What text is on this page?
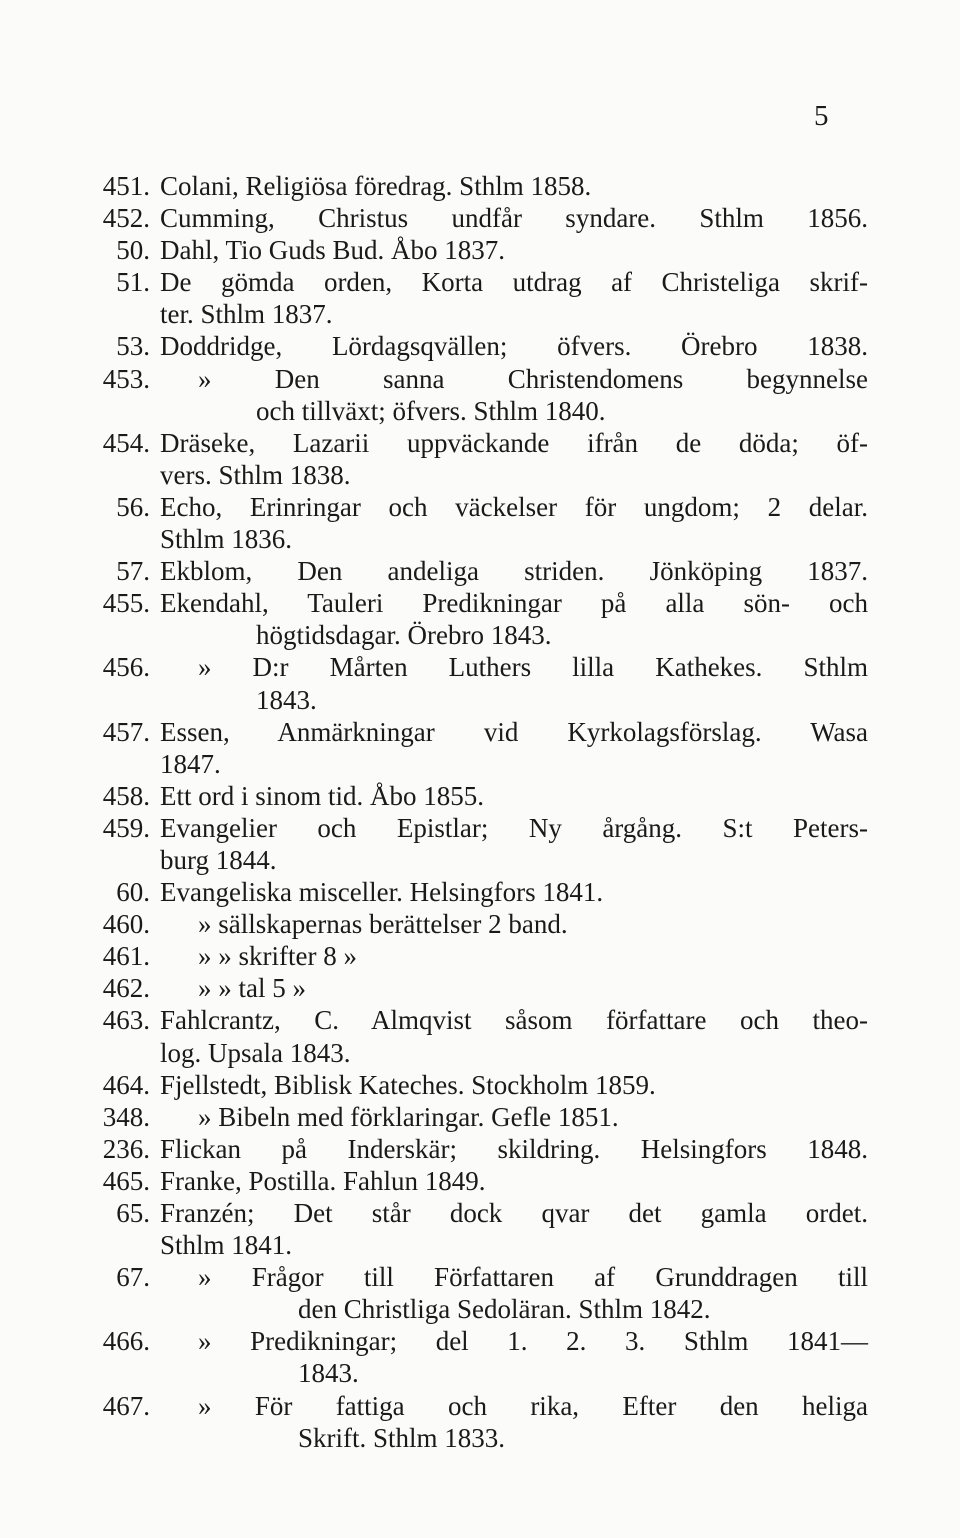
5
451. Colani, Religiösa föredrag. Sthlm 1858.
452. Cumming, Christus undfår syndare. Sthlm 1856.
50. Dahl, Tio Guds Bud. Åbo 1837.
51. De gömda orden, Korta utdrag af Christeliga skrif-
ter. Sthlm 1837.
53. Doddridge, Lördagsqvällen; öfvers. Örebro 1838.
453. » Den sanna Christendomens begynnelse
och tillväxt; öfvers. Sthlm 1840.
454. Dräseke, Lazarii uppväckande ifrån de döda; öf-
vers. Sthlm 1838.
56. Echo, Erinringar och väckelser för ungdom; 2 delar.
Sthlm 1836.
57. Ekblom, Den andeliga striden. Jönköping 1837.
455. Ekendahl, Tauleri Predikningar på alla sön- och
högtidsdagar. Örebro 1843.
456. » D:r Mårten Luthers lilla Kathekes. Sthlm
1843.
457. Essen, Anmärkningar vid Kyrkolagsförslag. Wasa
1847.
458. Ett ord i sinom tid. Åbo 1855.
459. Evangelier och Epistlar; Ny årgång. S:t Peters-
burg 1844.
60. Evangeliska misceller. Helsingfors 1841.
460. » sällskapernas berättelser 2 band.
461. » » skrifter 8 »
462. » » tal 5 »
463. Fahlcrantz, C. Almqvist såsom författare och theo-
log. Upsala 1843.
464. Fjellstedt, Biblisk Kateches. Stockholm 1859.
348. » Bibeln med förklaringar. Gefle 1851.
236. Flickan på Inderskär; skildring. Helsingfors 1848.
465. Franke, Postilla. Fahlun 1849.
65. Franzén; Det står dock qvar det gamla ordet.
Sthlm 1841.
67. » Frågor till Författaren af Grunddragen till
den Christliga Sedoläran. Sthlm 1842.
466. » Predikningar; del 1. 2. 3. Sthlm 1841—
1843.
467. » För fattiga och rika, Efter den heliga
Skrift. Sthlm 1833.
